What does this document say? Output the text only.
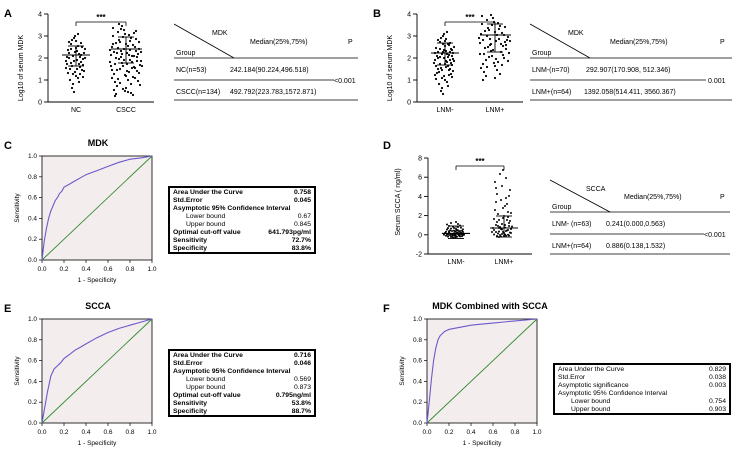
A
Log10 of serum MDK
0
1
2
3
4
NC	CSCC
***
MDK
Group
Median(25%,75%)	P
NC(n=53)	242.184(90.224,496.518)
CSCC(n=134) 492.792(223.783,1572.871)
<0.001
B
Log10 of serum MDK
0
1
2
3
4
LNM-	LNM+
***
MDK
Group
Median(25%,75%)	P
LNM-(n=70) 292.907(170.908, 512.346)
LNM+(n=64) 1392.058(514.411, 3560.367)
0.001
C	MDK
Sensitivity
0.0
0.2
0.4
0.6
0.8
1.0
0.0 0.2 0.4 0.6 0.8 1.0
1 - Specificity
Area Under the Curve	0.758
Std.Error	0.045
Asymptotic 95% Confidence Interval	
Lower bound	0.67
Upper bound	0.845
Optimal cut-off value	641.793pg/ml
Sensitivity	72.7%
Specificity	83.8%
D
Serum SCCA ( ng/ml)
-2
0
2
4
6
8
LNM-	LNM+
***
SCCA
Group
Median(25%,75%)	P
LNM- (n=63) 0.241(0.000,0.563)
LNM+(n=64) 0.886(0.138,1.532)
<0.001
E	SCCA
Sensitivity
0.0
0.2
0.4
0.6
0.8
1.0
0.0 0.2 0.4 0.6 0.8 1.0
1 - Specificity
Area Under the Curve	0.716
Std.Error	0.046
Asymptotic 95% Confidence Interval	
Lower bound	0.569
Upper bound	0.873
Optimal cut-off value	0.795ng/ml
Sensitivity	53.8%
Specificity	88.7%
F	MDK Combined with SCCA
Sensitivity
0.0
0.2
0.4
0.6
0.8
1.0
0.0 0.2 0.4 0.6 0.8 1.0
1 - Specificity
Area Under the Curve	0.829
Std.Error	0.038
Asymptotic significance	0.003
Asymptotic 95% Confidence Interval	
Lower bound	0.754
Upper bound	0.903
